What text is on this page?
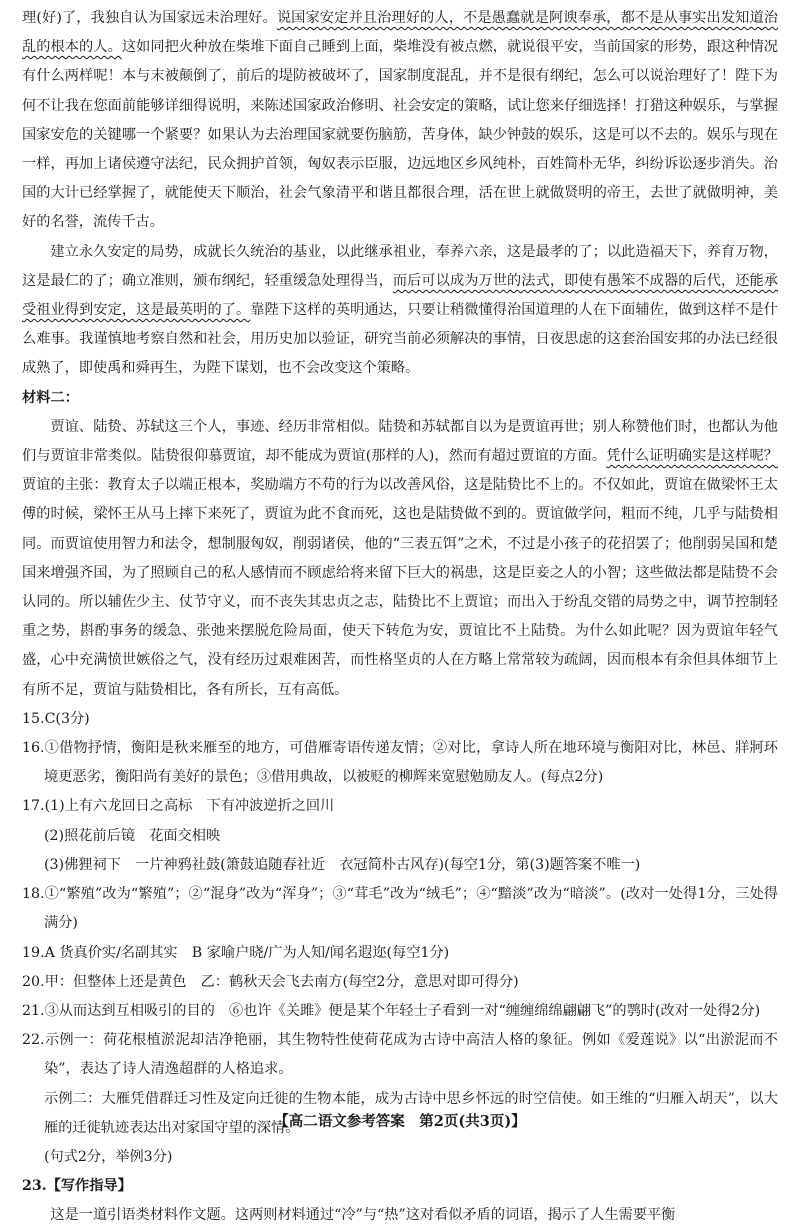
理(好)了，我独自认为国家远未治理好。说国家安定并且治理好的人，不是愚蠢就是阿谀奉承，都不是从事实出发知道治乱的根本的人。这如同把火种放在柴堆下面自己睡到上面，柴堆没有被点燃，就说很平安，当前国家的形势，跟这种情况有什么两样呢！本与末被颠倒了，前后的堤防被破坏了，国家制度混乱，并不是很有纲纪，怎么可以说治理好了！陛下为何不让我在您面前能够详细得说明，来陈述国家政治修明、社会安定的策略，试让您来仔细选择！打猎这种娱乐，与掌握国家安危的关键哪一个紧要？如果认为去治理国家就要伤脑筋，苦身体，缺少钟鼓的娱乐，这是可以不去的。娱乐与现在一样，再加上诸侯遵守法纪，民众拥护首领，匈奴表示臣服，边远地区乡风纯朴，百姓简朴无华，纠纷诉讼逐步消失。治国的大计已经掌握了，就能使天下顺治，社会气象清平和谐且都很合理，活在世上就做贤明的帝王，去世了就做明神，美好的名誉，流传千古。

建立永久安定的局势，成就长久统治的基业，以此继承祖业，奉养六亲，这是最孝的了；以此造福天下，养育万物，这是最仁的了；确立准则，颁布纲纪，轻重缓急处理得当，而后可以成为万世的法式，即使有愚笨不成器的后代，还能承受祖业得到安定，这是最英明的了。靠陛下这样的英明通达，只要让稍微懂得治国道理的人在下面辅佐，做到这样不是什么难事。我谨慎地考察自然和社会，用历史加以验证，研究当前必须解决的事情，日夜思虑的这套治国安邦的办法已经很成熟了，即使禹和舜再生，为陛下谋划，也不会改变这个策略。

材料二：

贾谊、陆贽、苏轼这三个人，事迹、经历非常相似。陆贽和苏轼都自以为是贾谊再世；别人称赞他们时，也都认为他们与贾谊非常类似。陆贽很仰慕贾谊，却不能成为贾谊(那样的人)，然而有超过贾谊的方面。凭什么证明确实是这样呢？贾谊的主张：教育太子以端正根本，奖励端方不苟的行为以改善风俗，这是陆贽比不上的。不仅如此，贾谊在做梁怀王太傅的时候，梁怀王从马上摔下来死了，贾谊为此不食而死，这也是陆贽做不到的。贾谊做学问，粗而不纯，几乎与陆贽相同。而贾谊使用智力和法令，想制服匈奴，削弱诸侯，他的“三表五饵”之术，不过是小孩子的花招罢了；他削弱吴国和楚国来增强齐国，为了照顾自己的私人感情而不顾虑给将来留下巨大的祸患，这是臣妾之人的小智；这些做法都是陆贽不会认同的。所以辅佐少主、仗节守义，而不丧失其忠贞之志，陆贽比不上贾谊；而出入于纷乱交错的局势之中，调节控制轻重之势，斟酌事务的缓急、张弛来摆脱危险局面，使天下转危为安，贾谊比不上陆贽。为什么如此呢？因为贾谊年轻气盛，心中充满愤世嫉俗之气，没有经历过艰难困苦，而性格坚贞的人在方略上常常较为疏阔，因而根本有余但具体细节上有所不足，贾谊与陆贽相比，各有所长，互有高低。

15.C(3分)

16.①借物抒情，衡阳是秋来雁至的地方，可借雁寄语传递友情；②对比，拿诗人所在地环境与衡阳对比，林邑、牂牁环境更恶劣，衡阳尚有美好的景色；③借用典故，以被贬的柳辉来宽慰勉励友人。(每点2分)

17.(1)上有六龙回日之高标　下有冲波逆折之回川

(2)照花前后镜　花面交相映

(3)佛狸祠下　一片神鸦社鼓(箫鼓追随春社近　衣冠简朴古风存)(每空1分，第(3)题答案不唯一)

18.①“繁殖”改为“繁殖”；②“混身”改为“浑身”；③“茸毛”改为“绒毛”；④“黯淡”改为“暗淡”。(改对一处得1分，三处得满分)

19.A 货真价实/名副其实　B 家喻户晓/广为人知/闻名遐迩(每空1分)

20.甲：但整体上还是黄色　乙：鹤秋天会飞去南方(每空2分，意思对即可得分)

21.③从而达到互相吸引的目的　⑥也许《关雎》便是某个年轻士子看到一对“缠缠绵绵翩翩飞”的鹗时(改对一处得2分)

22.示例一：荷花根植淤泥却洁净艳丽，其生物特性使荷花成为古诗中高洁人格的象征。例如《爱莲说》以“出淤泥而不染”，表达了诗人清逸超群的人格追求。

示例二：大雁凭借群迁习性及定向迁徙的生物本能，成为古诗中思乡怀远的时空信使。如王维的“归雁入胡天”，以大雁的迁徙轨迹表达出对家国守望的深情。

(句式2分，举例3分)

23.【写作指导】

这是一道引语类材料作文题。这两则材料通过“冷”与“热”这对看似矛盾的词语，揭示了人生需要平衡

【高二语文参考答案　第2页(共3页)】
